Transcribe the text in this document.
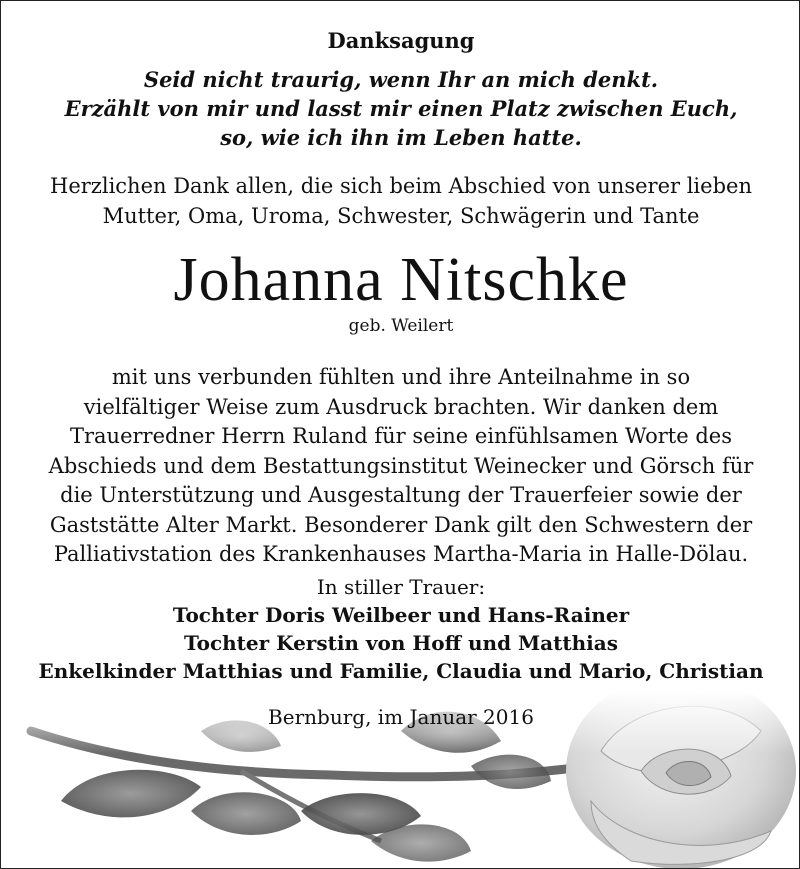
Danksagung
Seid nicht traurig, wenn Ihr an mich denkt.
Erzählt von mir und lasst mir einen Platz zwischen Euch,
so, wie ich ihn im Leben hatte.
Herzlichen Dank allen, die sich beim Abschied von unserer lieben
Mutter, Oma, Uroma, Schwester, Schwägerin und Tante
Johanna Nitschke
geb. Weilert
mit uns verbunden fühlten und ihre Anteilnahme in so
vielfältiger Weise zum Ausdruck brachten. Wir danken dem
Trauerredner Herrn Ruland für seine einfühlsamen Worte des
Abschieds und dem Bestattungsinstitut Weinecker und Görsch für
die Unterstützung und Ausgestaltung der Trauerfeier sowie der
Gaststätte Alter Markt. Besonderer Dank gilt den Schwestern der
Palliativstation des Krankenhauses Martha-Maria in Halle-Dölau.
In stiller Trauer:
Tochter Doris Weilbeer und Hans-Rainer
Tochter Kerstin von Hoff und Matthias
Enkelkinder Matthias und Familie, Claudia und Mario, Christian
Bernburg, im Januar 2016
